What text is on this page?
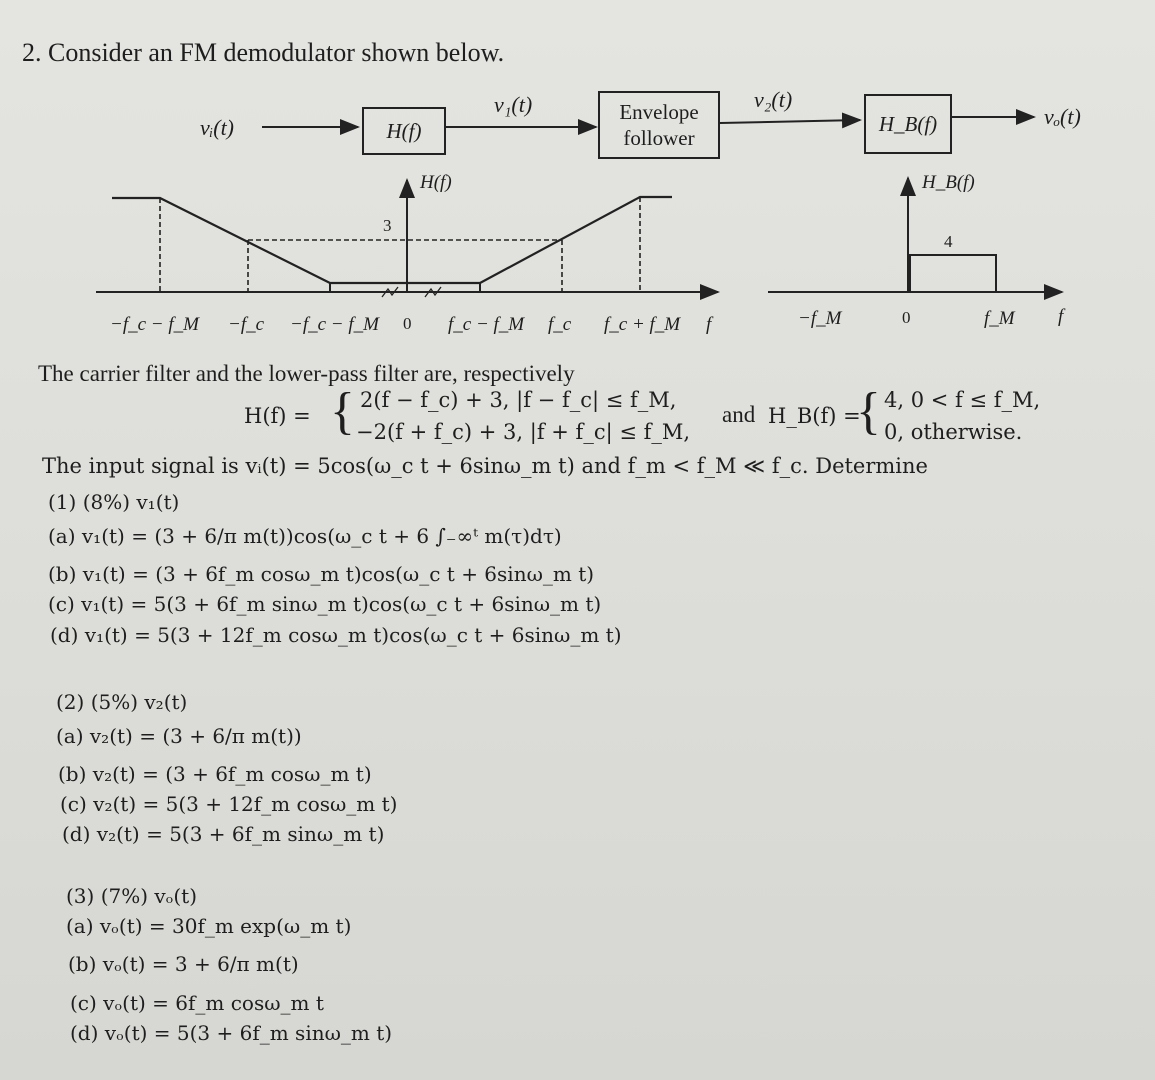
2. Consider an FM demodulator shown below.
vᵢ(t)	H(f)
v₁(t)	Envelope
follower
v₂(t)
H_B(f)	vₒ(t)
H(f)
3
−f_c − f_M −f_c −f_c − f_M 0 f_c − f_M f_c f_c + f_M f
H_B(f)
4
−f_M	0	f_M f
The carrier filter and the lower-pass filter are, respectively
H(f) = { 2(f − f_c) + 3, |f − f_c| ≤ f_M,
−2(f + f_c) + 3, |f + f_c| ≤ f_M,
and H_B(f) =
{ 4, 0 < f ≤ f_M,
0, otherwise.
The input signal is vᵢ(t) = 5cos(ω_c t + 6sinω_m t) and f_m < f_M ≪ f_c. Determine
(1) (8%) v₁(t)
(a) v₁(t) = (3 + 6/π m(t))cos(ω_c t + 6 ∫₋∞ᵗ m(τ)dτ)
(b) v₁(t) = (3 + 6f_m cosω_m t)cos(ω_c t + 6sinω_m t)
(c) v₁(t) = 5(3 + 6f_m sinω_m t)cos(ω_c t + 6sinω_m t)
(d) v₁(t) = 5(3 + 12f_m cosω_m t)cos(ω_c t + 6sinω_m t)
(2) (5%) v₂(t)
(a) v₂(t) = (3 + 6/π m(t))
(b) v₂(t) = (3 + 6f_m cosω_m t)
(c) v₂(t) = 5(3 + 12f_m cosω_m t)
(d) v₂(t) = 5(3 + 6f_m sinω_m t)
(3) (7%) vₒ(t)
(a) vₒ(t) = 30f_m exp(ω_m t)
(b) vₒ(t) = 3 + 6/π m(t)
(c) vₒ(t) = 6f_m cosω_m t
(d) vₒ(t) = 5(3 + 6f_m sinω_m t)
